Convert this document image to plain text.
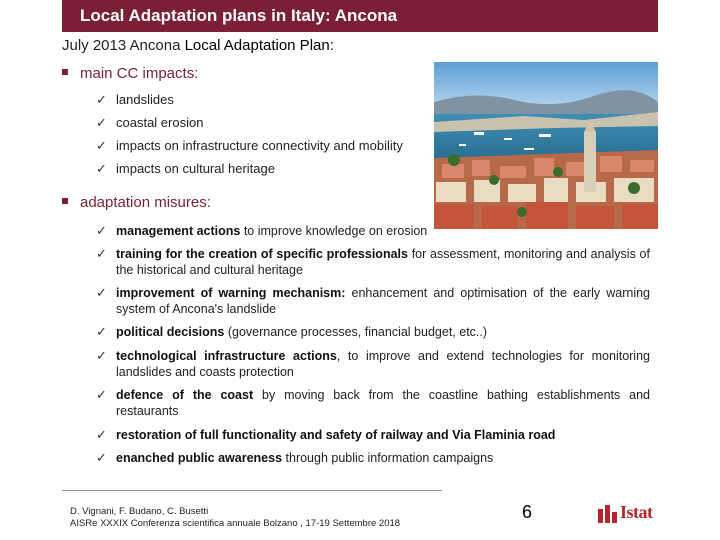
Local Adaptation plans in Italy: Ancona
July 2013 Ancona Local Adaptation Plan:
main CC impacts:
✓ landslides
✓ coastal erosion
✓ impacts on infrastructure connectivity and mobility
✓ impacts on cultural heritage
adaptation misures:
✓ management actions to improve knowledge on erosion
✓ training for the creation of specific professionals for assessment, monitoring and analysis of the historical and cultural heritage
✓ improvement of warning mechanism: enhancement and optimisation of the early warning system of Ancona's landslide
✓ political decisions (governance processes, financial budget, etc..)
✓ technological infrastructure actions, to improve and extend technologies for monitoring landslides and coasts protection
✓ defence of the coast by moving back from the coastline bathing establishments and restaurants
✓ restoration of full functionality and safety of railway and Via Flaminia road
✓ enanched public awareness through public information campaigns
D. Vignani, F. Budano, C. Busetti
AISRe XXXIX Conferenza scientifica annuale Bolzano , 17-19 Settembre 2018
6	Istat
